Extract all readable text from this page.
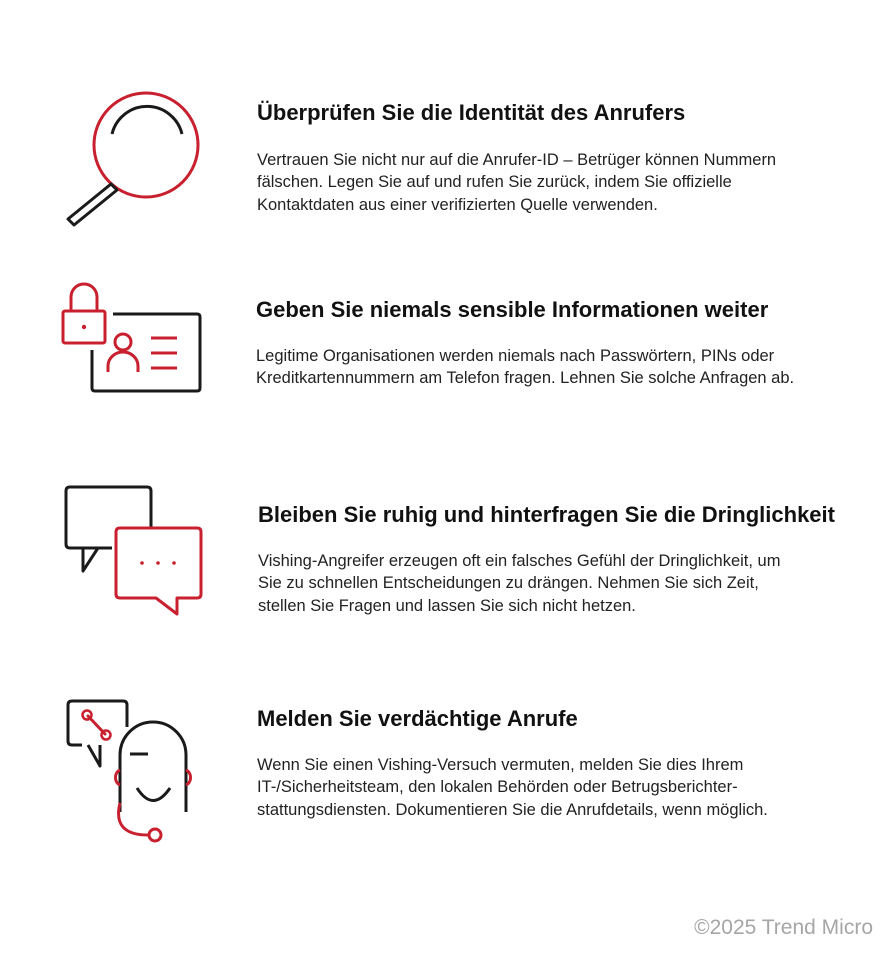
Überprüfen Sie die Identität des Anrufers

Vertrauen Sie nicht nur auf die Anrufer-ID – Betrüger können Nummern fälschen. Legen Sie auf und rufen Sie zurück, indem Sie offizielle Kontaktdaten aus einer verifizierten Quelle verwenden.

Geben Sie niemals sensible Informationen weiter

Legitime Organisationen werden niemals nach Passwörtern, PINs oder Kreditkartennummern am Telefon fragen. Lehnen Sie solche Anfragen ab.

Bleiben Sie ruhig und hinterfragen Sie die Dringlichkeit

Vishing-Angreifer erzeugen oft ein falsches Gefühl der Dringlichkeit, um Sie zu schnellen Entscheidungen zu drängen. Nehmen Sie sich Zeit, stellen Sie Fragen und lassen Sie sich nicht hetzen.

Melden Sie verdächtige Anrufe

Wenn Sie einen Vishing-Versuch vermuten, melden Sie dies Ihrem IT-/Sicherheitsteam, den lokalen Behörden oder Betrugsberichterstattungsdiensten. Dokumentieren Sie die Anrufdetails, wenn möglich.

©2025 Trend Micro
